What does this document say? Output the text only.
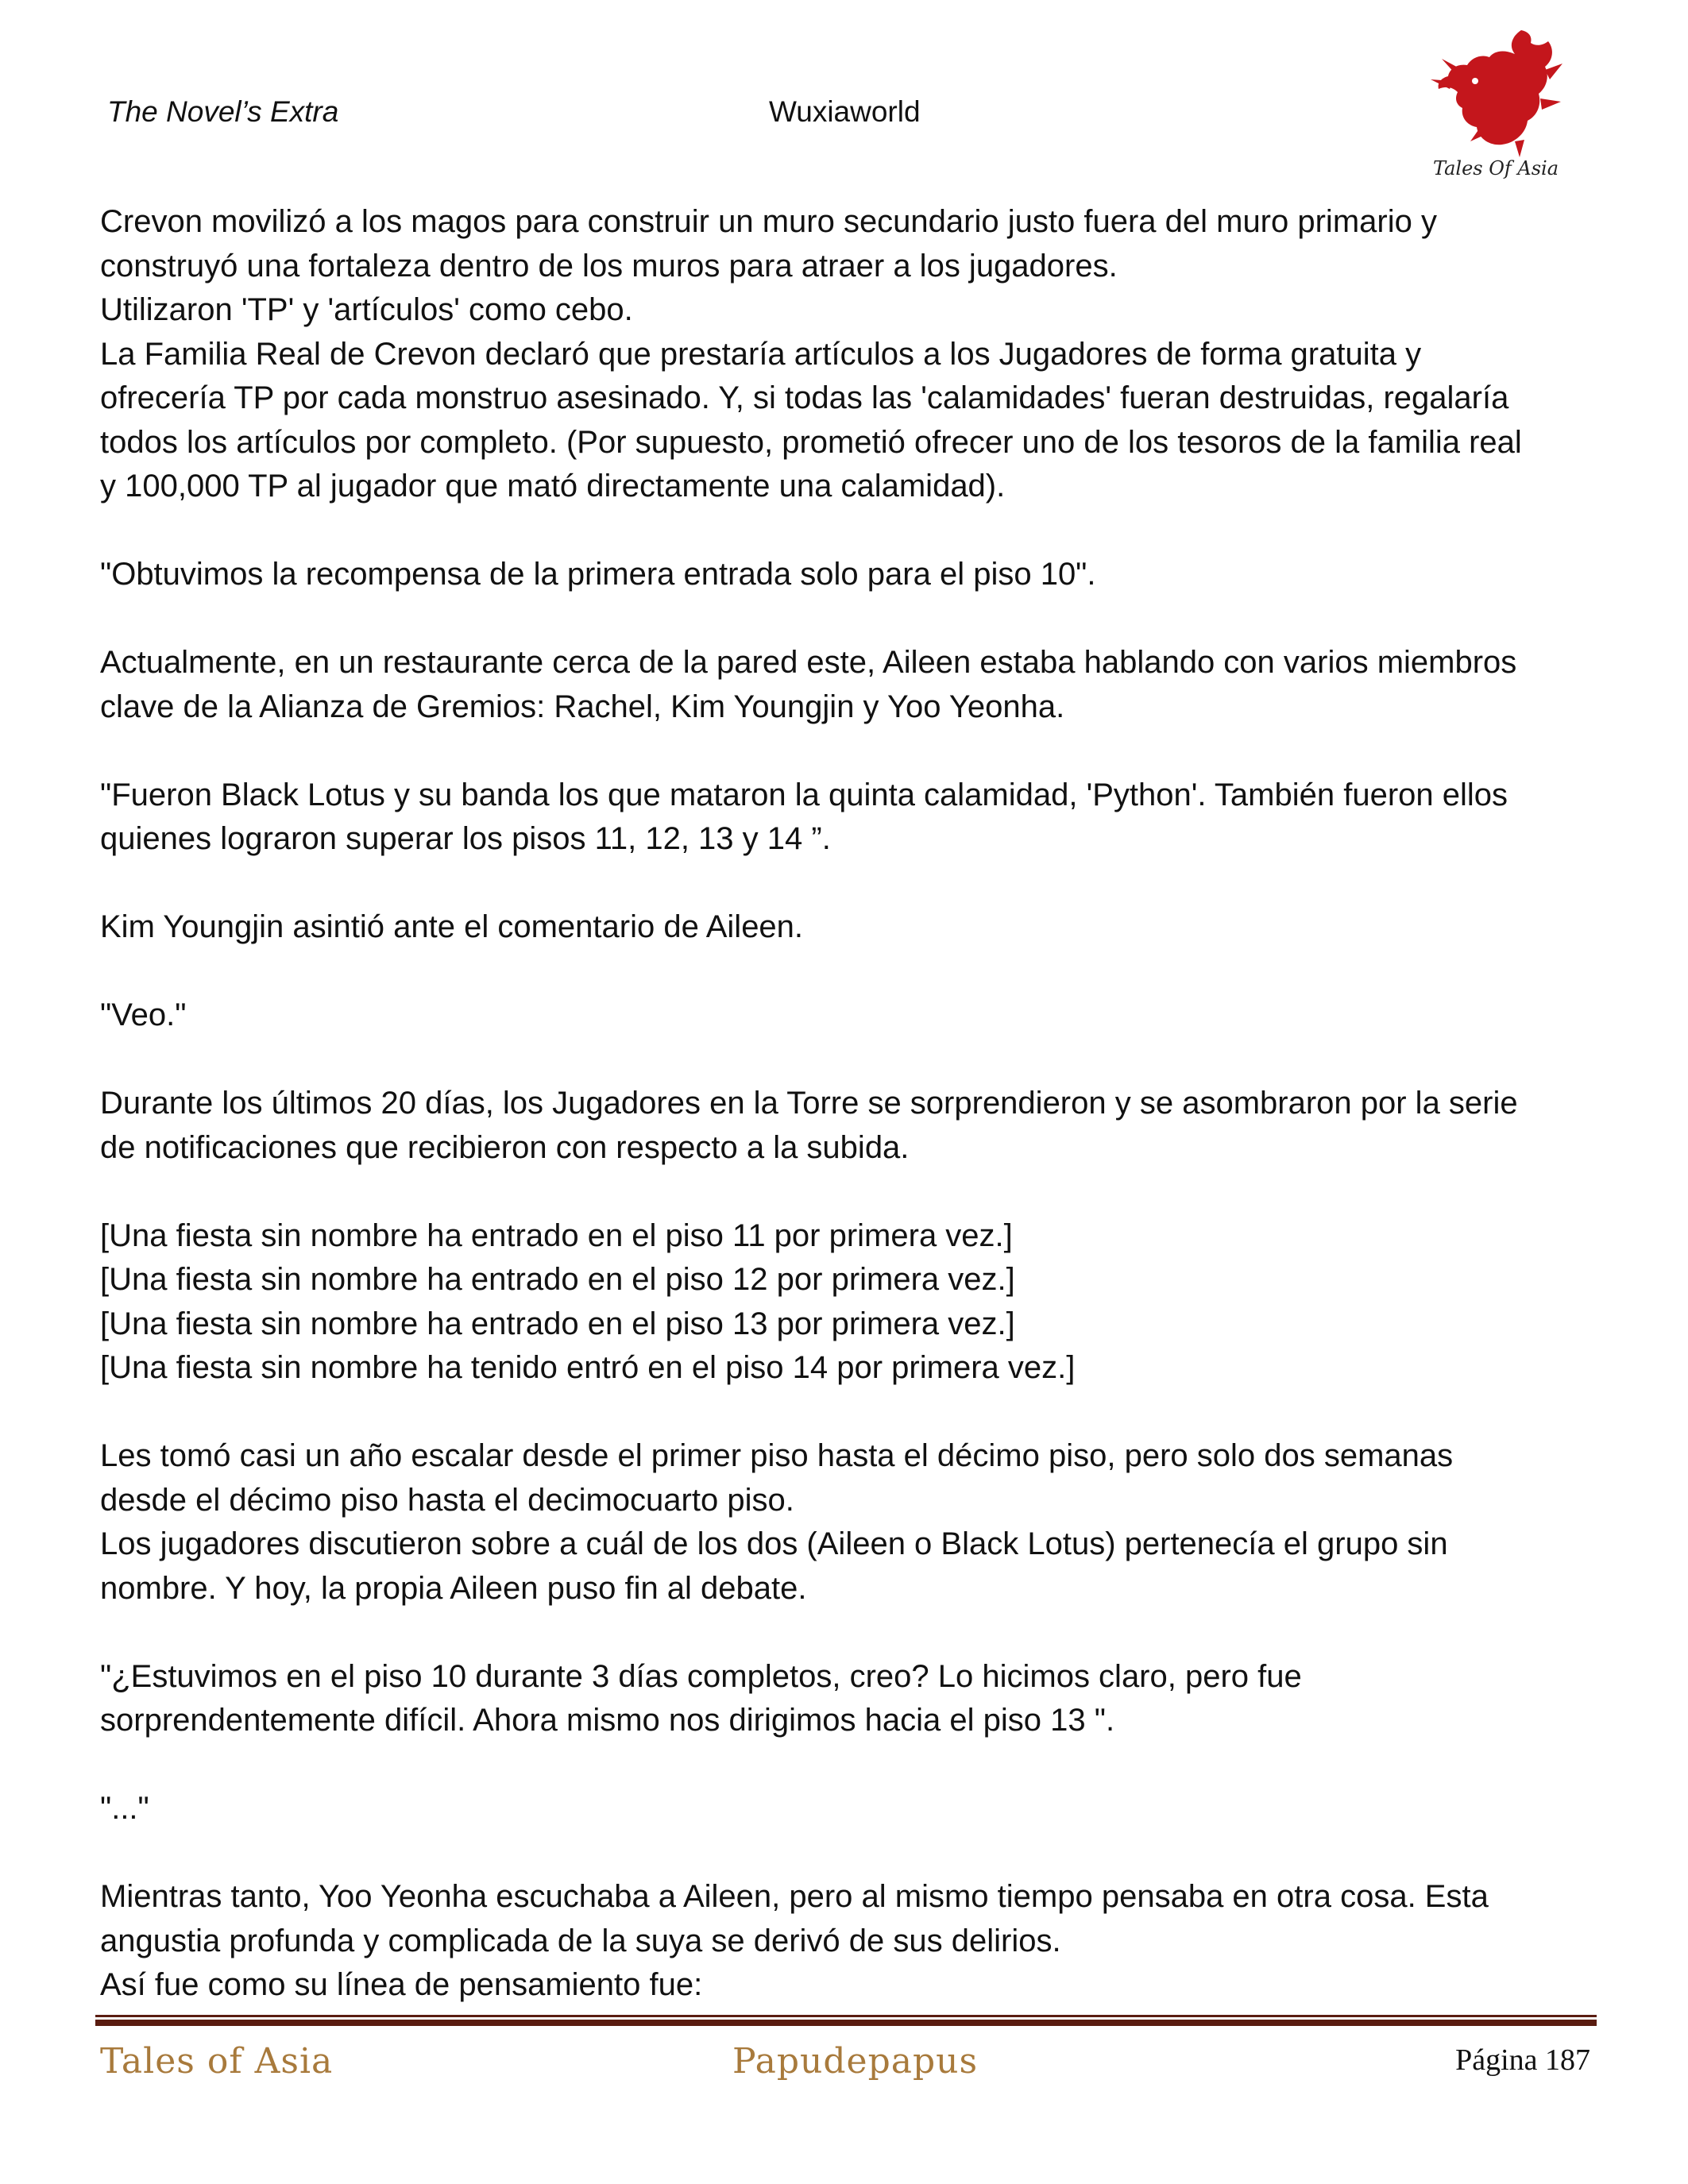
The Novel’s Extra	Wuxiaworld
Tales Of Asia

Crevon movilizó a los magos para construir un muro secundario justo fuera del muro primario y

construyó una fortaleza dentro de los muros para atraer a los jugadores.

Utilizaron 'TP' y 'artículos' como cebo.

La Familia Real de Crevon declaró que prestaría artículos a los Jugadores de forma gratuita y

ofrecería TP por cada monstruo asesinado. Y, si todas las 'calamidades' fueran destruidas, regalaría

todos los artículos por completo. (Por supuesto, prometió ofrecer uno de los tesoros de la familia real

y 100,000 TP al jugador que mató directamente una calamidad).

"Obtuvimos la recompensa de la primera entrada solo para el piso 10".

Actualmente, en un restaurante cerca de la pared este, Aileen estaba hablando con varios miembros

clave de la Alianza de Gremios: Rachel, Kim Youngjin y Yoo Yeonha.

"Fueron Black Lotus y su banda los que mataron la quinta calamidad, 'Python'. También fueron ellos

quienes lograron superar los pisos 11, 12, 13 y 14 ”.

Kim Youngjin asintió ante el comentario de Aileen.

"Veo."

Durante los últimos 20 días, los Jugadores en la Torre se sorprendieron y se asombraron por la serie

de notificaciones que recibieron con respecto a la subida.

[Una fiesta sin nombre ha entrado en el piso 11 por primera vez.]

[Una fiesta sin nombre ha entrado en el piso 12 por primera vez.]

[Una fiesta sin nombre ha entrado en el piso 13 por primera vez.]

[Una fiesta sin nombre ha tenido entró en el piso 14 por primera vez.]

Les tomó casi un año escalar desde el primer piso hasta el décimo piso, pero solo dos semanas

desde el décimo piso hasta el decimocuarto piso.

Los jugadores discutieron sobre a cuál de los dos (Aileen o Black Lotus) pertenecía el grupo sin

nombre. Y hoy, la propia Aileen puso fin al debate.

"¿Estuvimos en el piso 10 durante 3 días completos, creo? Lo hicimos claro, pero fue

sorprendentemente difícil. Ahora mismo nos dirigimos hacia el piso 13 ".

"..."

Mientras tanto, Yoo Yeonha escuchaba a Aileen, pero al mismo tiempo pensaba en otra cosa. Esta

angustia profunda y complicada de la suya se derivó de sus delirios.

Así fue como su línea de pensamiento fue:

Tales of Asia	Papudepapus	Página 187
